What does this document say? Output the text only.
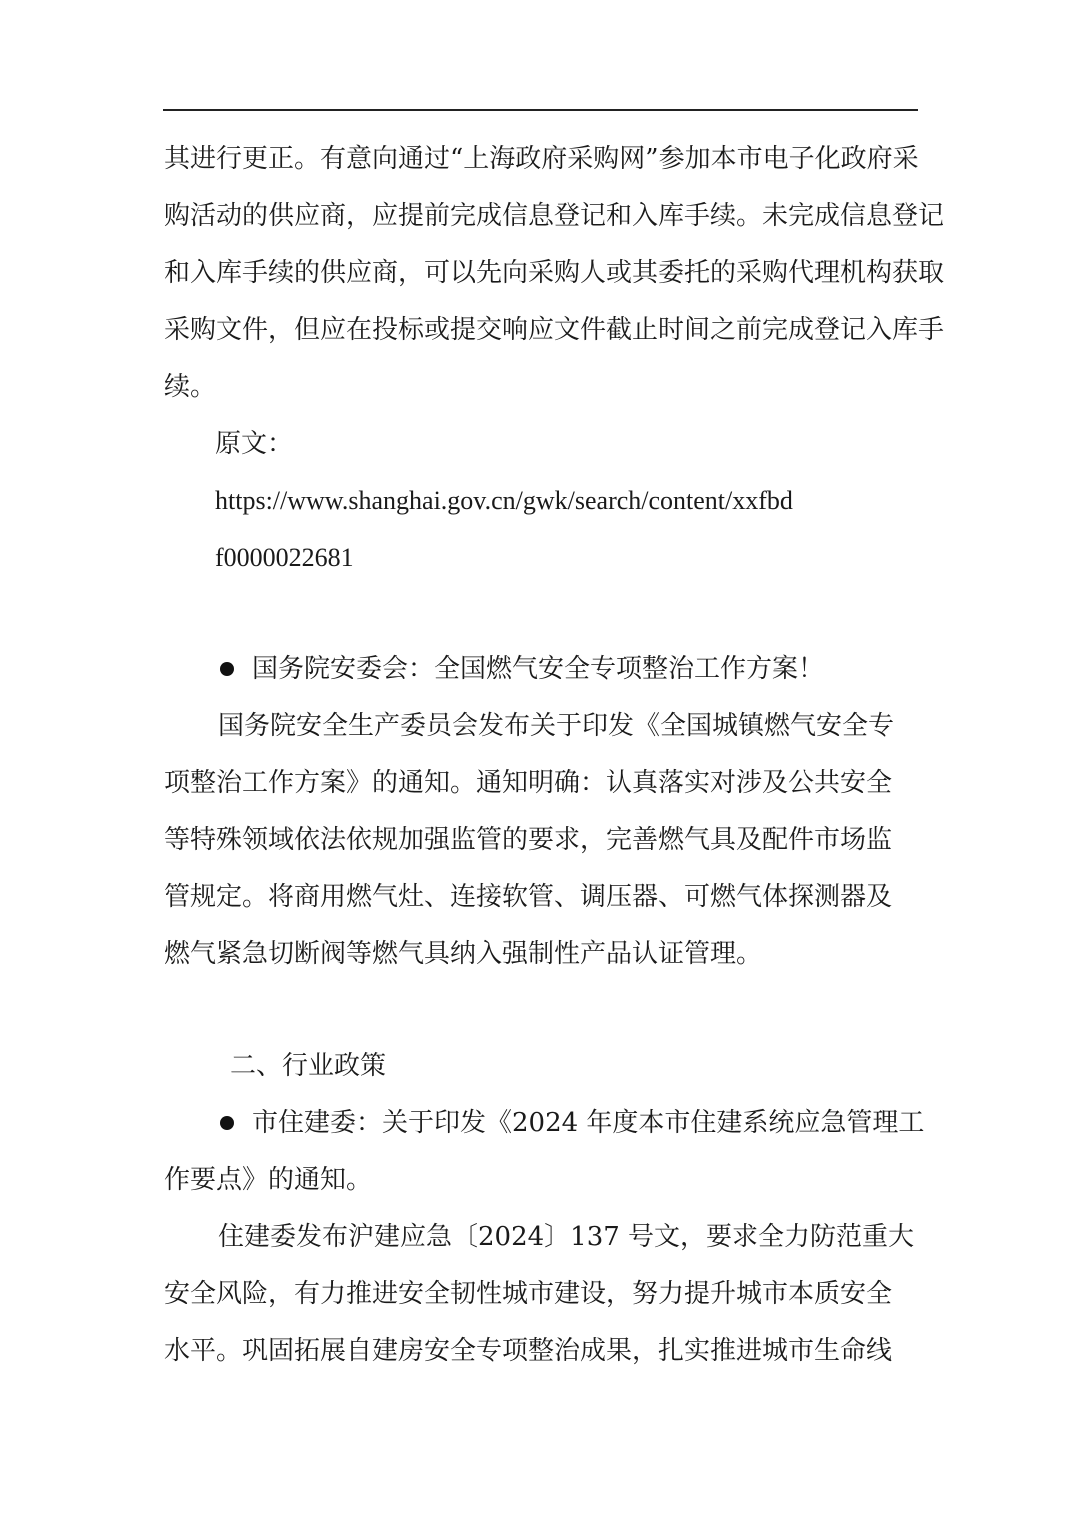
其进行更正。有意向通过“上海政府采购网”参加本市电子化政府采
购活动的供应商，应提前完成信息登记和入库手续。未完成信息登记
和入库手续的供应商，可以先向采购人或其委托的采购代理机构获取
采购文件，但应在投标或提交响应文件截止时间之前完成登记入库手
续。
原文：
https://www.shanghai.gov.cn/gwk/search/content/xxfbd
f0000022681
国务院安委会：全国燃气安全专项整治工作方案！
国务院安全生产委员会发布关于印发《全国城镇燃气安全专
项整治工作方案》的通知。通知明确：认真落实对涉及公共安全
等特殊领域依法依规加强监管的要求，完善燃气具及配件市场监
管规定。将商用燃气灶、连接软管、调压器、可燃气体探测器及
燃气紧急切断阀等燃气具纳入强制性产品认证管理。
二、行业政策
市住建委：关于印发《2024 年度本市住建系统应急管理工
作要点》的通知。
住建委发布沪建应急〔2024〕137 号文，要求全力防范重大
安全风险，有力推进安全韧性城市建设，努力提升城市本质安全
水平。巩固拓展自建房安全专项整治成果，扎实推进城市生命线
